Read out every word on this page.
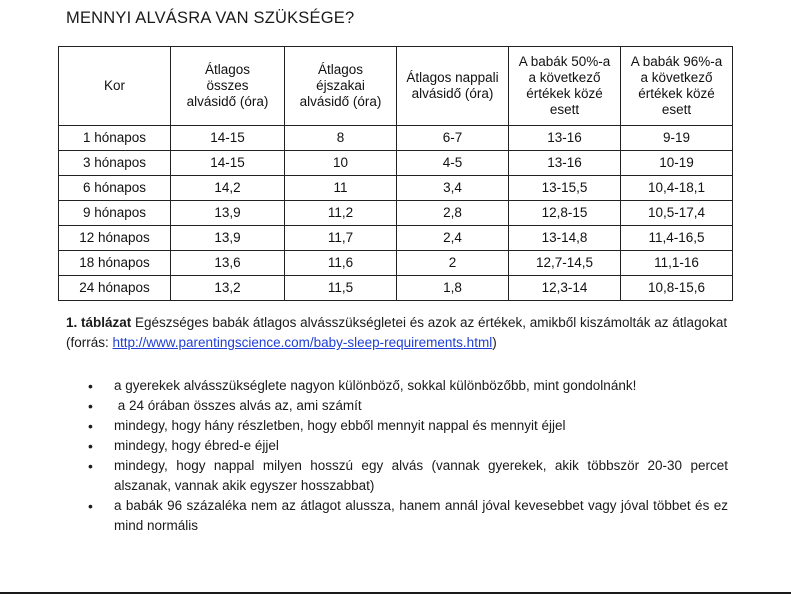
MENNYI ALVÁSRA VAN SZÜKSÉGE?
Kor	Átlagos összes alvásidő (óra)	Átlagos éjszakai alvásidő (óra)	Átlagos nappali alvásidő (óra)	A babák 50%-a a következő értékek közé esett	A babák 96%-a a következő értékek közé esett

1 hónapos	14-15	8	6-7	13-16	9-19
3 hónapos	14-15	10	4-5	13-16	10-19
6 hónapos	14,2	11	3,4	13-15,5	10,4-18,1
9 hónapos	13,9	11,2	2,8	12,8-15	10,5-17,4
12 hónapos	13,9	11,7	2,4	13-14,8	11,4-16,5
18 hónapos	13,6	11,6	2	12,7-14,5	11,1-16
24 hónapos	13,2	11,5	1,8	12,3-14	10,8-15,6
1. táblázat Egészséges babák átlagos alvásszükségletei és azok az értékek, amikből kiszámolták az átlagokat (forrás: http://www.parentingscience.com/baby-sleep-requirements.html)
• a gyerekek alvásszükséglete nagyon különböző, sokkal különbözőbb, mint gondolnánk!
• a 24 órában összes alvás az, ami számít
• mindegy, hogy hány részletben, hogy ebből mennyit nappal és mennyit éjjel
• mindegy, hogy ébred-e éjjel
• mindegy, hogy nappal milyen hosszú egy alvás (vannak gyerekek, akik többször 20-30 percet alszanak, vannak akik egyszer hosszabbat)
• a babák 96 százaléka nem az átlagot alussza, hanem annál jóval kevesebbet vagy jóval többet és ez mind normális
